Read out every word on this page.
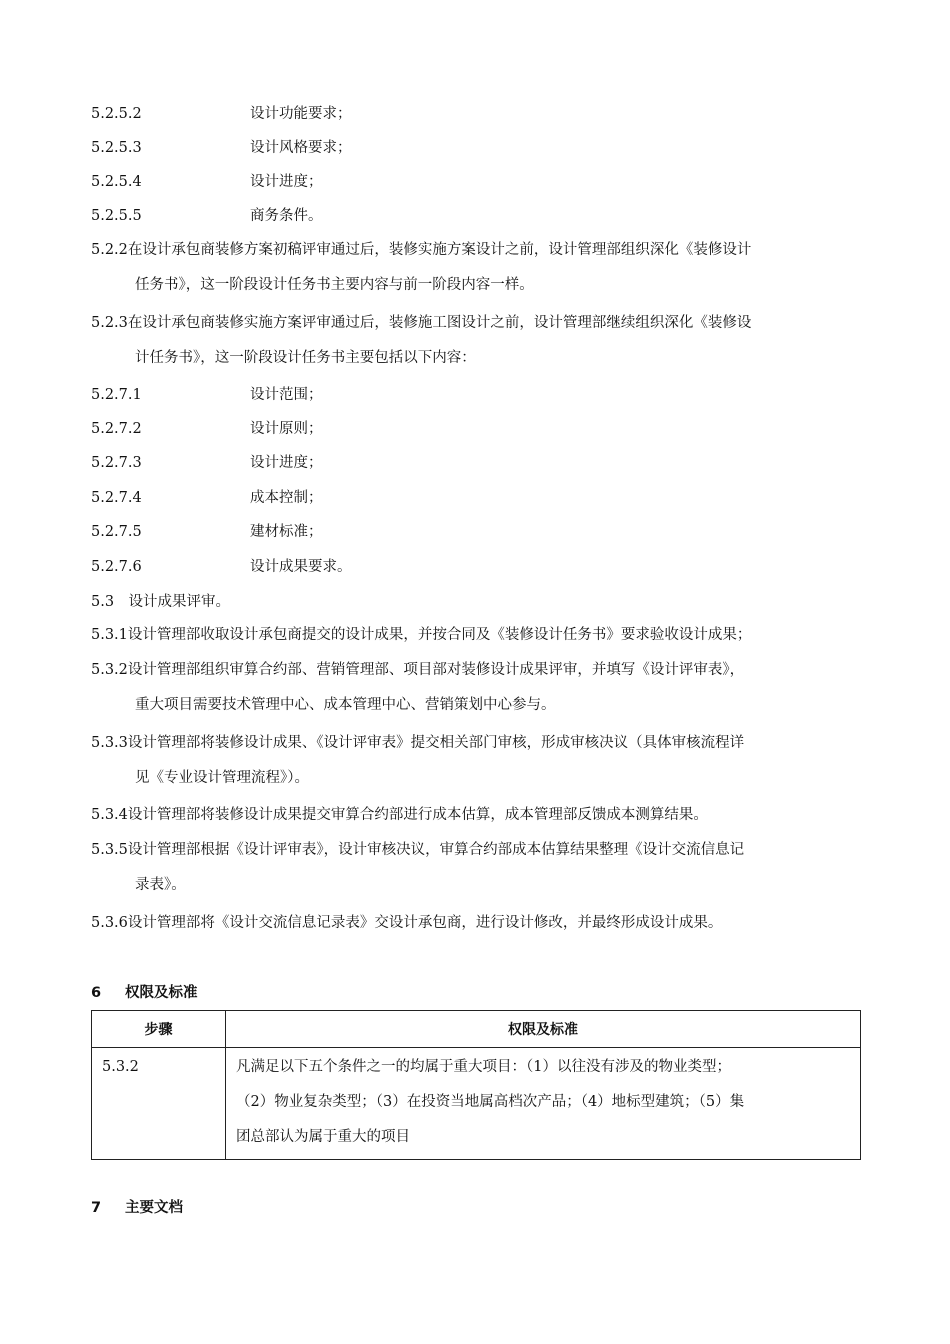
5.2.5.2	设计功能要求；
5.2.5.3	设计风格要求；
5.2.5.4	设计进度；
5.2.5.5	商务条件。
5.2.2在设计承包商装修方案初稿评审通过后，装修实施方案设计之前，设计管理部组织深化《装修设计
任务书》，这一阶段设计任务书主要内容与前一阶段内容一样。
5.2.3在设计承包商装修实施方案评审通过后，装修施工图设计之前，设计管理部继续组织深化《装修设
计任务书》，这一阶段设计任务书主要包括以下内容：
5.2.7.1	设计范围；
5.2.7.2	设计原则；
5.2.7.3	设计进度；
5.2.7.4	成本控制；
5.2.7.5	建材标准；
5.2.7.6	设计成果要求。
5.3　设计成果评审。
5.3.1设计管理部收取设计承包商提交的设计成果，并按合同及《装修设计任务书》要求验收设计成果；
5.3.2设计管理部组织审算合约部、营销管理部、项目部对装修设计成果评审，并填写《设计评审表》，
重大项目需要技术管理中心、成本管理中心、营销策划中心参与。
5.3.3设计管理部将装修设计成果、《设计评审表》提交相关部门审核，形成审核决议（具体审核流程详
见《专业设计管理流程》）。
5.3.4设计管理部将装修设计成果提交审算合约部进行成本估算，成本管理部反馈成本测算结果。
5.3.5设计管理部根据《设计评审表》，设计审核决议，审算合约部成本估算结果整理《设计交流信息记
录表》。
5.3.6设计管理部将《设计交流信息记录表》交设计承包商，进行设计修改，并最终形成设计成果。
6 权限及标准
步骤	权限及标准
5.3.2	凡满足以下五个条件之一的均属于重大项目：（1）以往没有涉及的物业类型；
（2）物业复杂类型；（3）在投资当地属高档次产品；（4）地标型建筑；（5）集
团总部认为属于重大的项目
7 主要文档
